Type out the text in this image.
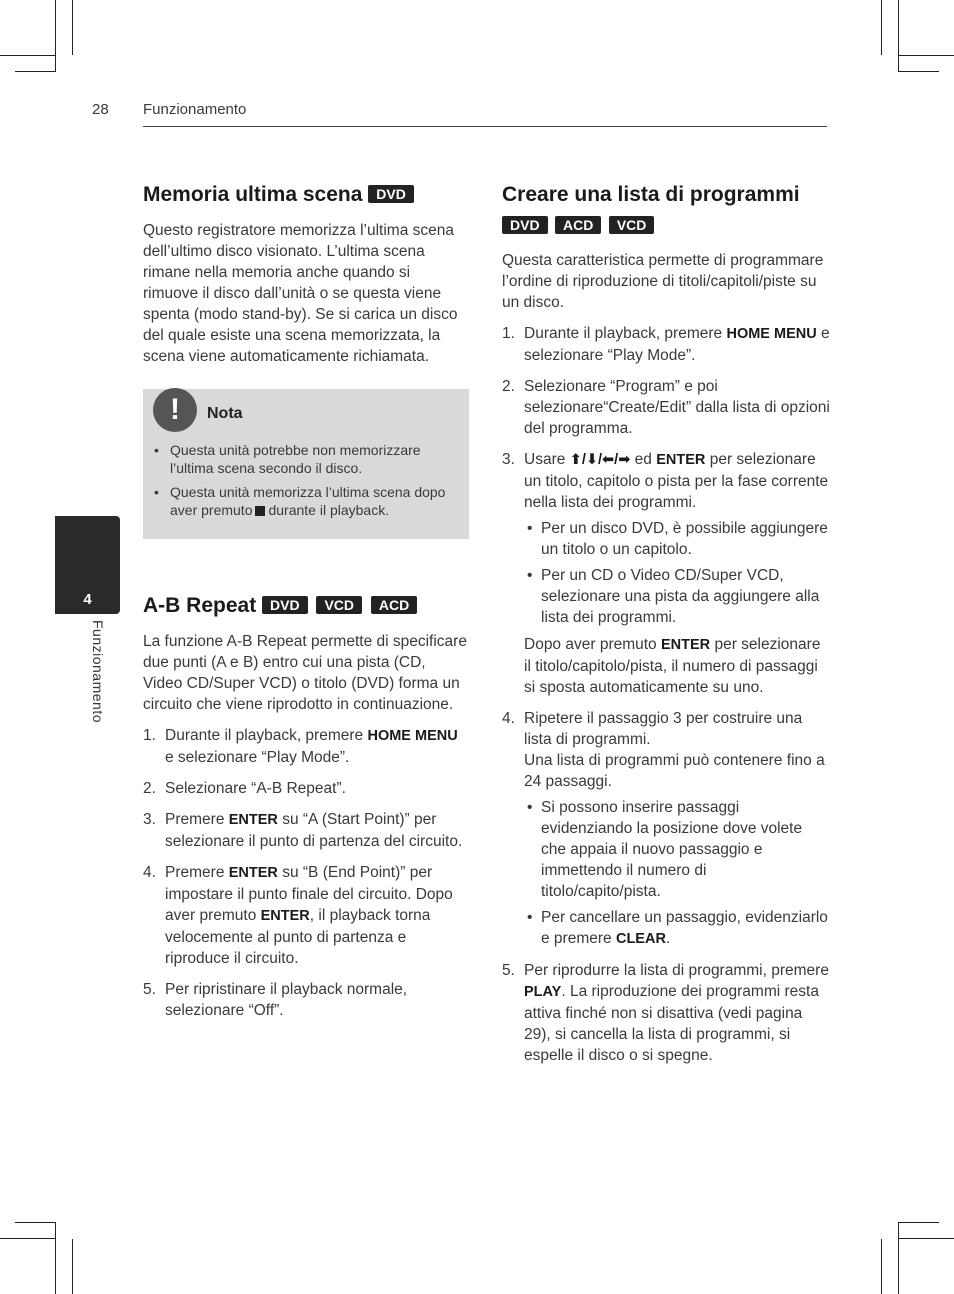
28 Funzionamento
4
Funzionamento
Memoria ultima scena DVD

Questo registratore memorizza l’ultima scena dell’ultimo disco visionato. L’ultima scena rimane nella memoria anche quando si rimuove il disco dall’unità o se questa viene spenta (modo stand-by). Se si carica un disco del quale esiste una scena memorizzata, la scena viene automaticamente richiamata.

!	Nota
• Questa unità potrebbe non memorizzare l’ultima scena secondo il disco.
• Questa unità memorizza l’ultima scena dopo aver premuto durante il playback.
A-B Repeat DVD VCD ACD

La funzione A-B Repeat permette di specificare due punti (A e B) entro cui una pista (CD, Video CD/Super VCD) o titolo (DVD) forma un circuito che viene riprodotto in continuazione.

1. Durante il playback, premere HOME MENU e selezionare “Play Mode”.
2. Selezionare “A-B Repeat”.
3. Premere ENTER su “A (Start Point)” per selezionare il punto di partenza del circuito.
4. Premere ENTER su “B (End Point)” per impostare il punto finale del circuito. Dopo aver premuto ENTER, il playback torna velocemente al punto di partenza e riproduce il circuito.
5. Per ripristinare il playback normale, selezionare “Off”.
Creare una lista di programmi
DVD ACD VCD

Questa caratteristica permette di programmare l’ordine di riproduzione di titoli/capitoli/piste su un disco.

1. Durante il playback, premere HOME MENU e selezionare “Play Mode”.
2. Selezionare “Program” e poi selezionare“Create/Edit” dalla lista di opzioni del programma.
3. Usare ⬆/⬇/⬅/➡ ed ENTER per selezionare un titolo, capitolo o pista per la fase corrente nella lista dei programmi.
• Per un disco DVD, è possibile aggiungere un titolo o un capitolo.
• Per un CD o Video CD/Super VCD, selezionare una pista da aggiungere alla lista dei programmi.
Dopo aver premuto ENTER per selezionare il titolo/capitolo/pista, il numero di passaggi si sposta automaticamente su uno.
4. Ripetere il passaggio 3 per costruire una lista di programmi.
Una lista di programmi può contenere fino a 24 passaggi.
• Si possono inserire passaggi evidenziando la posizione dove volete che appaia il nuovo passaggio e immettendo il numero di titolo/capito/pista.
• Per cancellare un passaggio, evidenziarlo e premere CLEAR.
5. Per riprodurre la lista di programmi, premere PLAY. La riproduzione dei programmi resta attiva finché non si disattiva (vedi pagina 29), si cancella la lista di programmi, si espelle il disco o si spegne.
